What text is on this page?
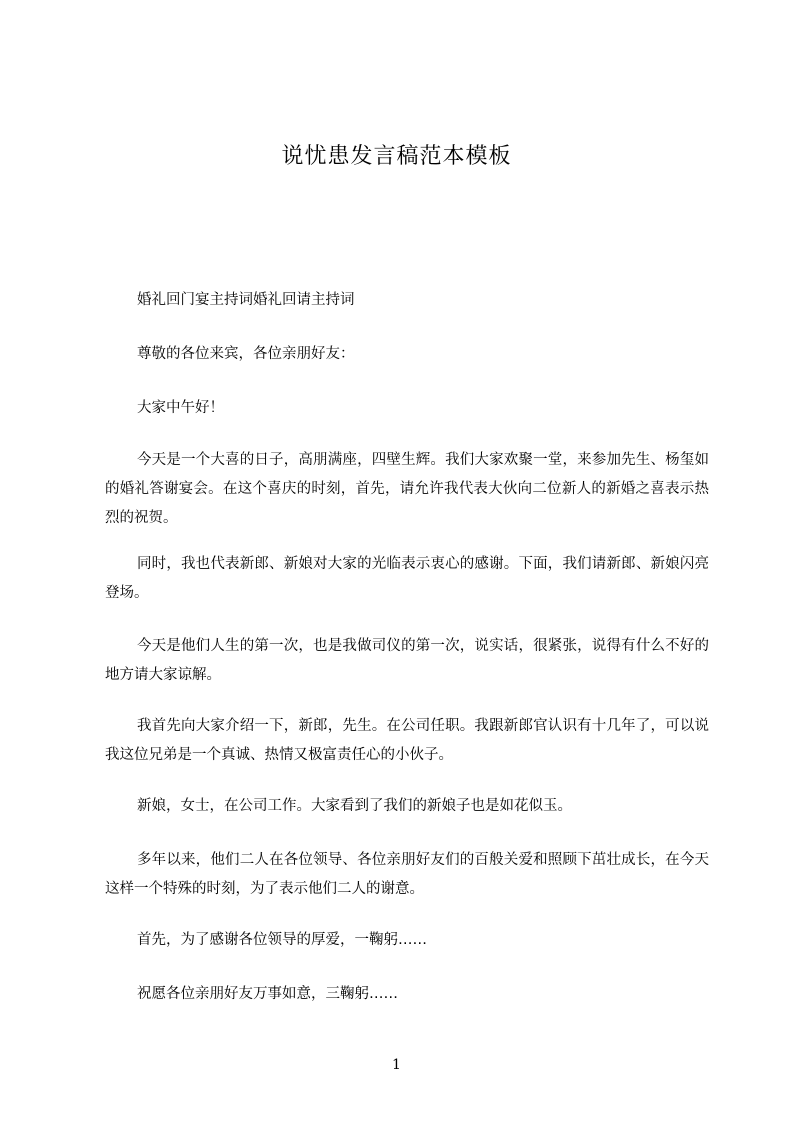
说忧患发言稿范本模板

婚礼回门宴主持词婚礼回请主持词

尊敬的各位来宾，各位亲朋好友：

大家中午好！

今天是一个大喜的日子，高朋满座，四壁生辉。我们大家欢聚一堂，来参加先生、杨玺如的婚礼答谢宴会。在这个喜庆的时刻，首先，请允许我代表大伙向二位新人的新婚之喜表示热烈的祝贺。

同时，我也代表新郎、新娘对大家的光临表示衷心的感谢。下面，我们请新郎、新娘闪亮登场。

今天是他们人生的第一次，也是我做司仪的第一次，说实话，很紧张，说得有什么不好的地方请大家谅解。

我首先向大家介绍一下，新郎，先生。在公司任职。我跟新郎官认识有十几年了，可以说我这位兄弟是一个真诚、热情又极富责任心的小伙子。

新娘，女士，在公司工作。大家看到了我们的新娘子也是如花似玉。

多年以来，他们二人在各位领导、各位亲朋好友们的百般关爱和照顾下茁壮成长，在今天这样一个特殊的时刻，为了表示他们二人的谢意。

首先，为了感谢各位领导的厚爱，一鞠躬……

祝愿各位亲朋好友万事如意，三鞠躬……

1
